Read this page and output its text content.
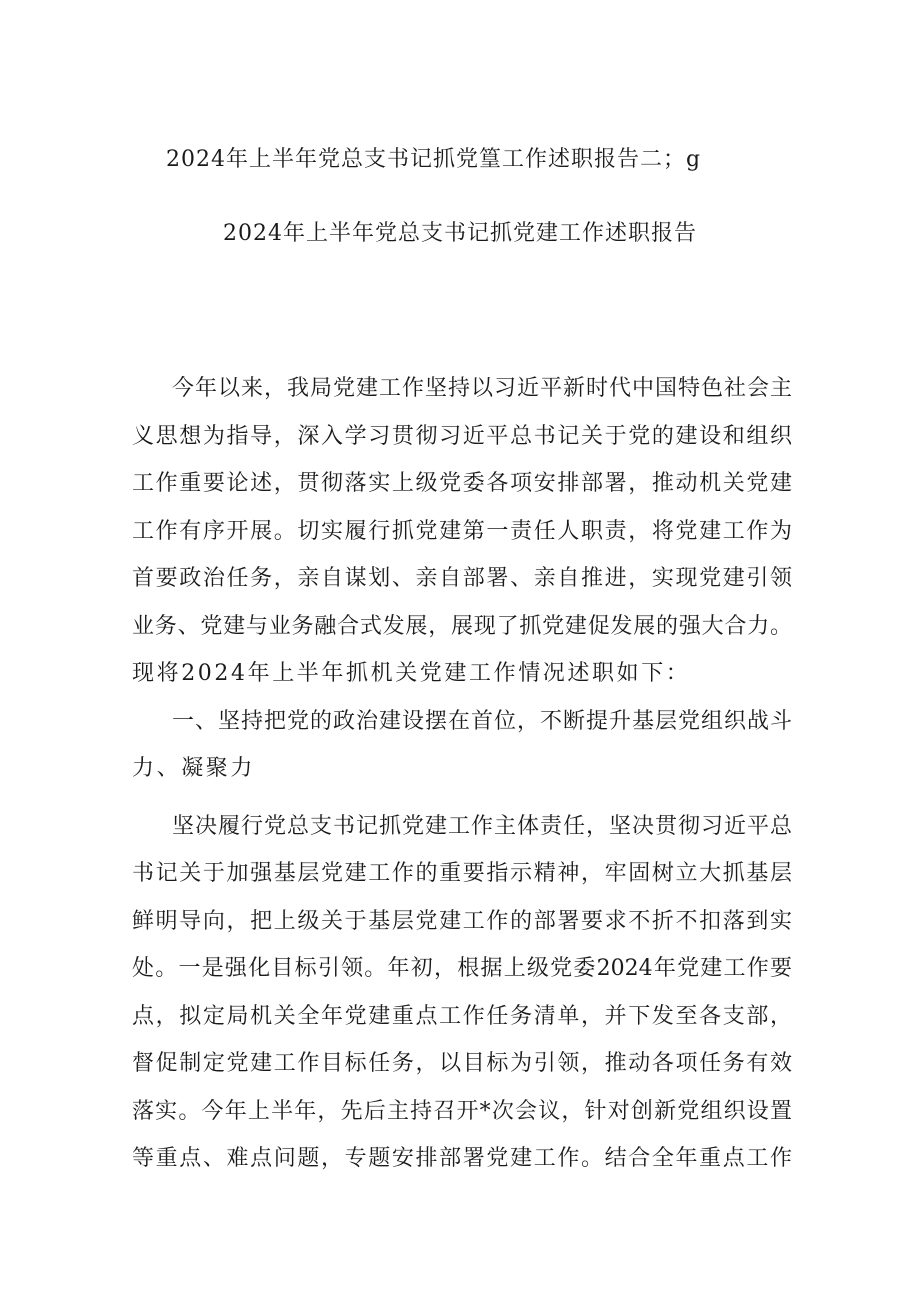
2024年上半年党总支书记抓党篁工作述职报告二；g
2024年上半年党总支书记抓党建工作述职报告
今年以来，我局党建工作坚持以习近平新时代中国特色社会主
义思想为指导，深入学习贯彻习近平总书记关于党的建设和组织
工作重要论述，贯彻落实上级党委各项安排部署，推动机关党建
工作有序开展。切实履行抓党建第一责任人职责，将党建工作为
首要政治任务，亲自谋划、亲自部署、亲自推进，实现党建引领
业务、党建与业务融合式发展，展现了抓党建促发展的强大合力。
现将2024年上半年抓机关党建工作情况述职如下：
一、坚持把党的政治建设摆在首位，不断提升基层党组织战斗
力、凝聚力
坚决履行党总支书记抓党建工作主体责任，坚决贯彻习近平总
书记关于加强基层党建工作的重要指示精神，牢固树立大抓基层
鲜明导向，把上级关于基层党建工作的部署要求不折不扣落到实
处。一是强化目标引领。年初，根据上级党委2024年党建工作要
点，拟定局机关全年党建重点工作任务清单，并下发至各支部，
督促制定党建工作目标任务，以目标为引领，推动各项任务有效
落实。今年上半年，先后主持召开*次会议，针对创新党组织设置
等重点、难点问题，专题安排部署党建工作。结合全年重点工作
